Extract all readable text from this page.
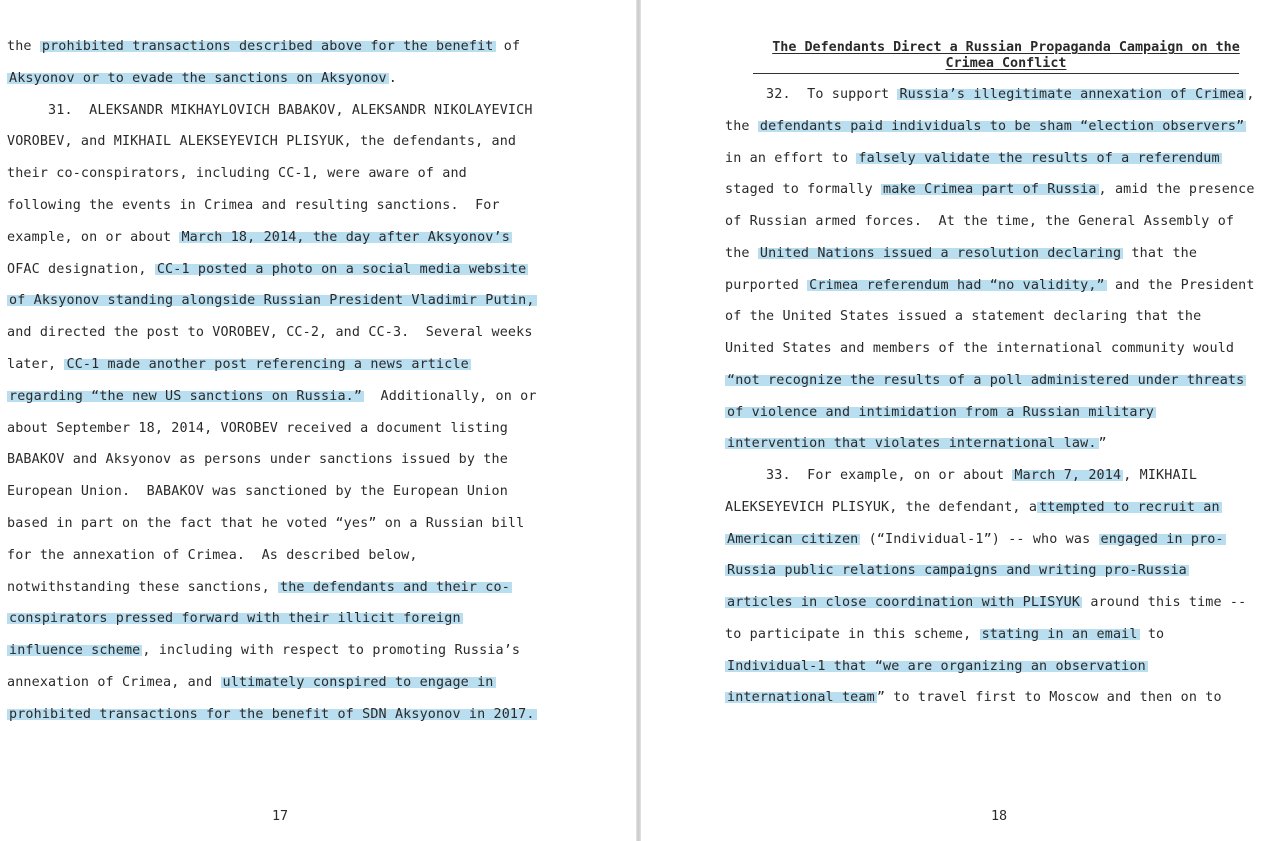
the prohibited transactions described above for the benefit of
Aksyonov or to evade the sanctions on Aksyonov .
31.  ALEKSANDR MIKHAYLOVICH BABAKOV, ALEKSANDR NIKOLAYEVICH
VOROBEV, and MIKHAIL ALEKSEYEVICH PLISYUK, the defendants, and
their co-conspirators, including CC-1, were aware of and
following the events in Crimea and resulting sanctions.  For
example, on or about March 18, 2014, the day after Aksyonov’s
OFAC designation, CC-1 posted a photo on a social media website
of Aksyonov standing alongside Russian President Vladimir Putin,
and directed the post to VOROBEV, CC-2, and CC-3.  Several weeks
later, CC-1 made another post referencing a news article
regarding “the new US sanctions on Russia.”  Additionally, on or
about September 18, 2014, VOROBEV received a document listing
BABAKOV and Aksyonov as persons under sanctions issued by the
European Union.  BABAKOV was sanctioned by the European Union
based in part on the fact that he voted “yes” on a Russian bill
for the annexation of Crimea.  As described below,
notwithstanding these sanctions, the defendants and their co-
conspirators pressed forward with their illicit foreign
influence scheme , including with respect to promoting Russia’s
annexation of Crimea, and ultimately conspired to engage in
prohibited transactions for the benefit of SDN Aksyonov in 2017.
17
The Defendants Direct a Russian Propaganda Campaign on the
Crimea Conflict
32.  To support Russia’s illegitimate annexation of Crimea ,
the defendants paid individuals to be sham “election observers”
in an effort to falsely validate the results of a referendum
staged to formally make Crimea part of Russia , amid the presence
of Russian armed forces.  At the time, the General Assembly of
the United Nations issued a resolution declaring that the
purported Crimea referendum had “no validity,” and the President
of the United States issued a statement declaring that the
United States and members of the international community would
“not recognize the results of a poll administered under threats
of violence and intimidation from a Russian military
intervention that violates international law. ”
33.  For example, on or about March 7, 2014 , MIKHAIL
ALEKSEYEVICH PLISYUK, the defendant, a ttempted to recruit an
American citizen (“Individual-1”) -- who was engaged in pro-
Russia public relations campaigns and writing pro-Russia
articles in close coordination with PLISYUK around this time --
to participate in this scheme, stating in an email to
Individual-1 that “we are organizing an observation
international team ” to travel first to Moscow and then on to
18
